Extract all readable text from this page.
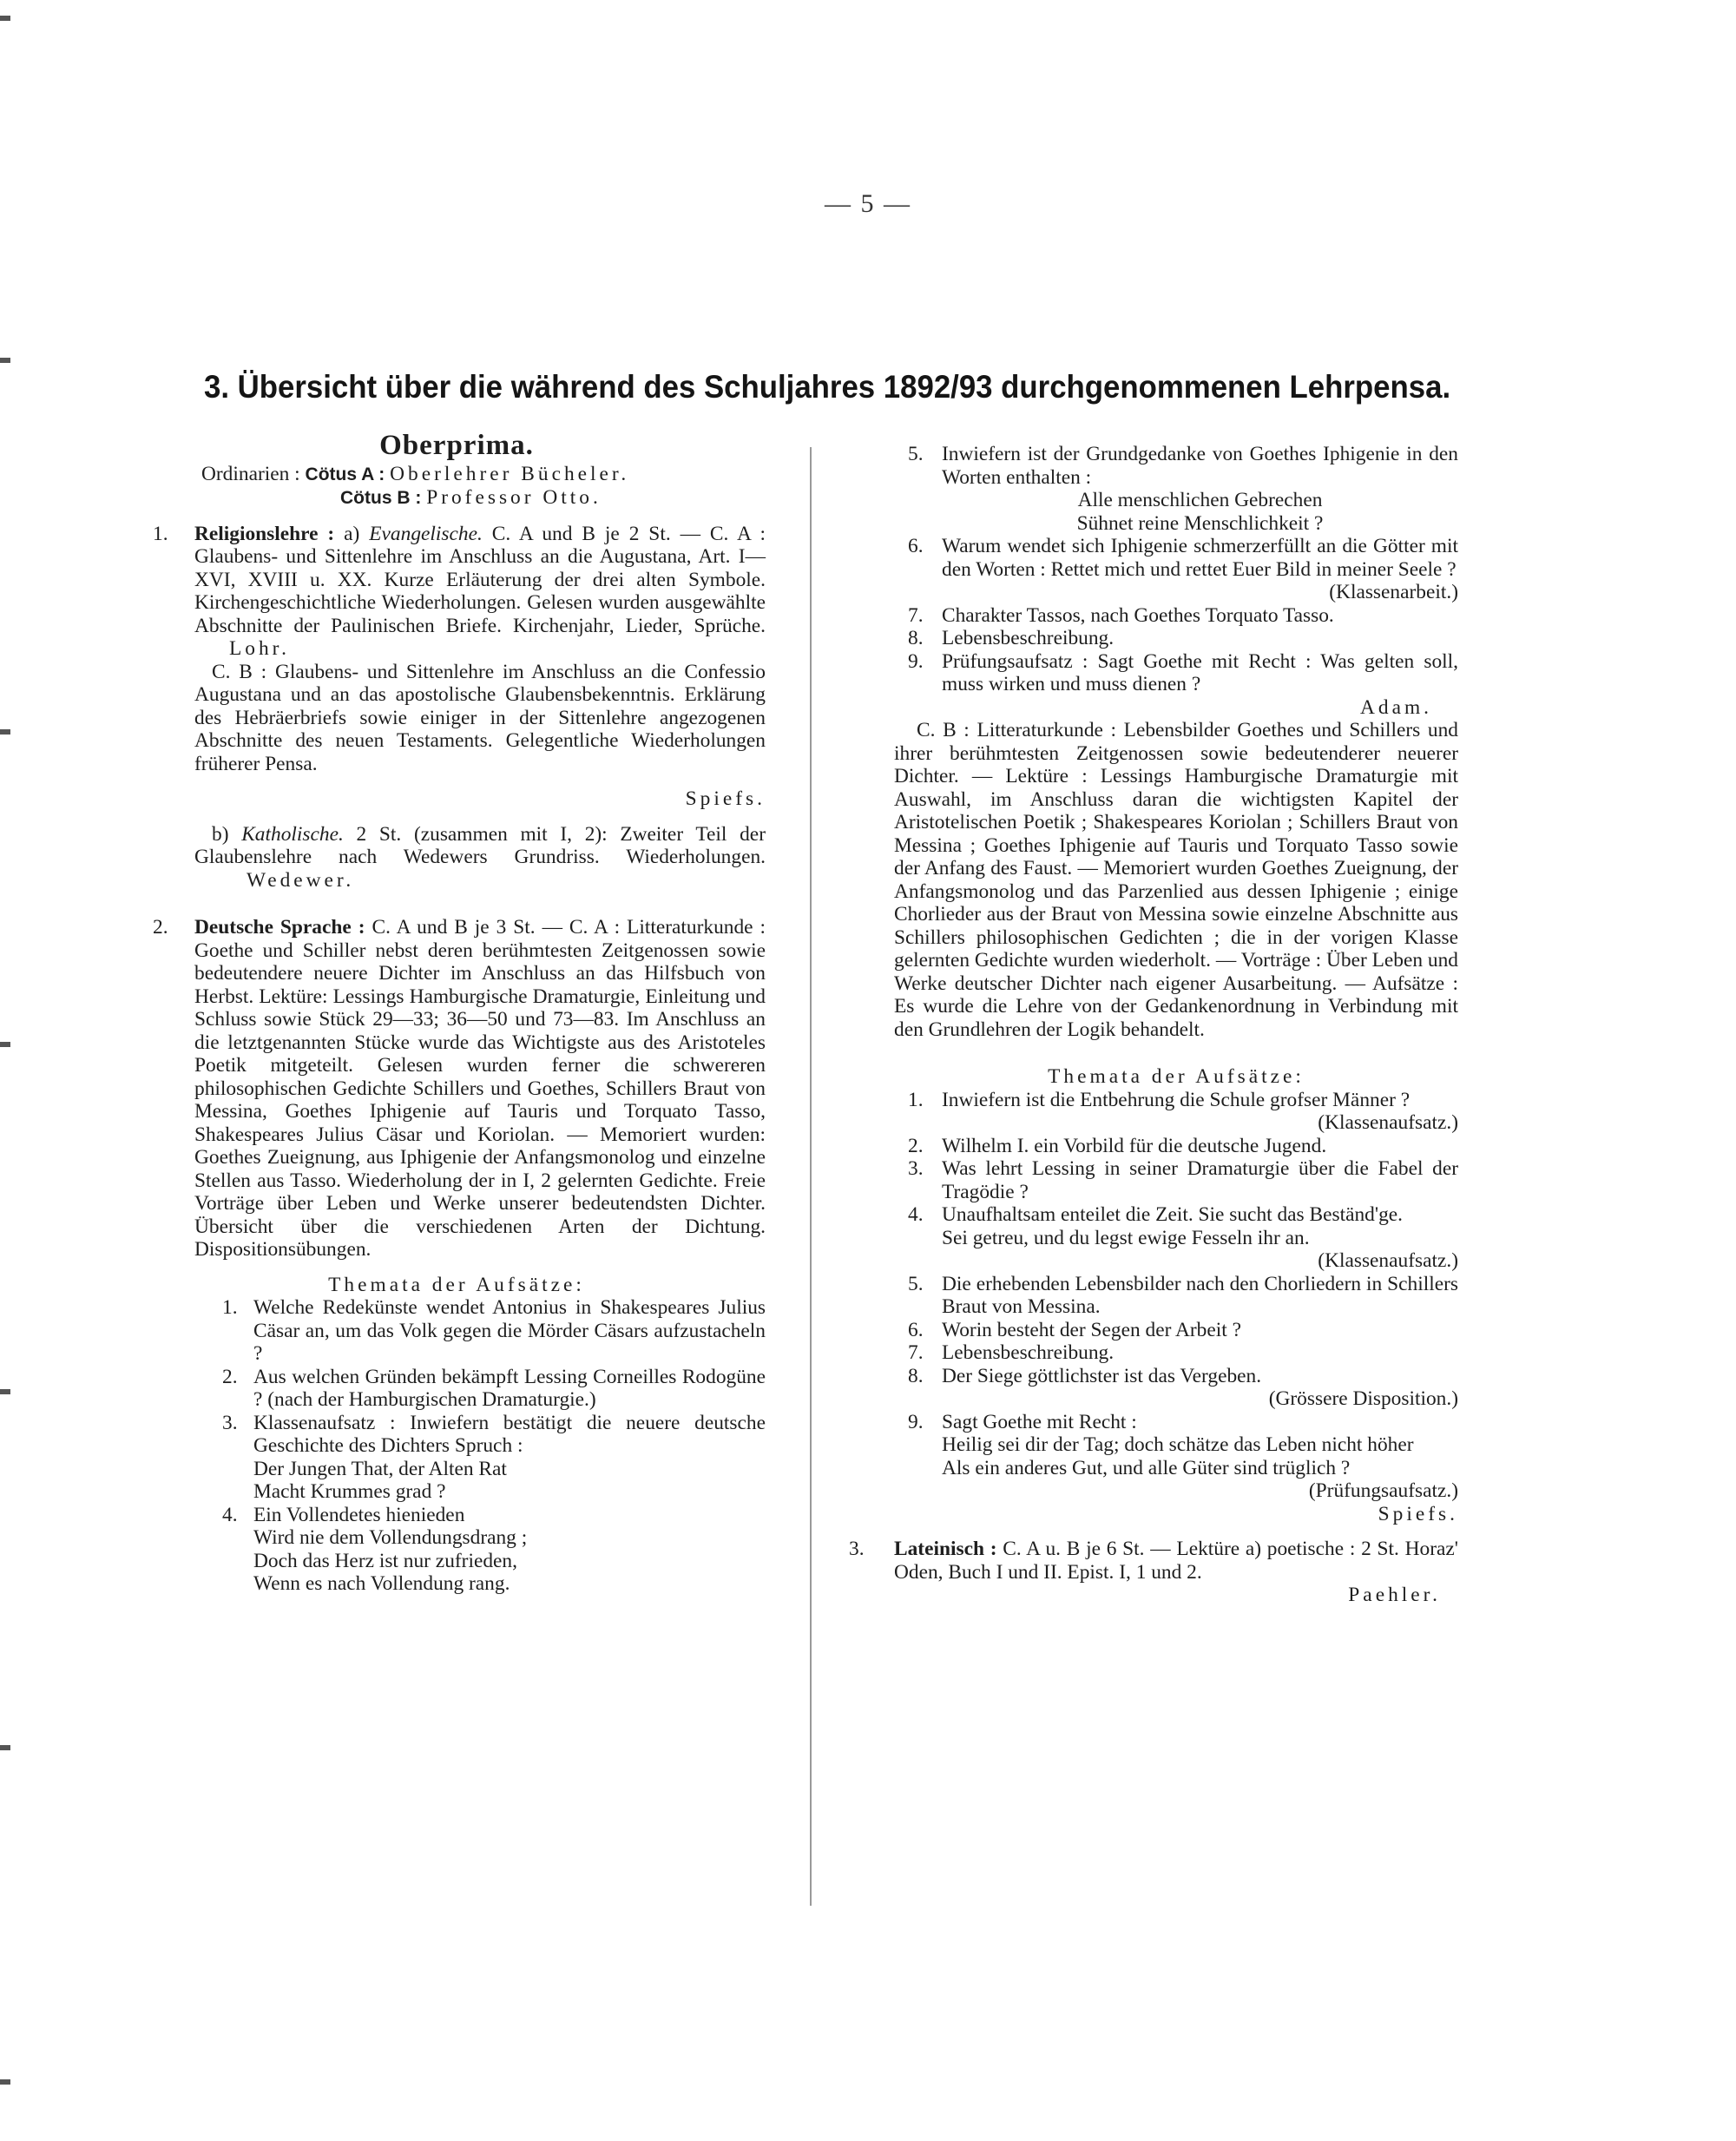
— 5 —
3. Übersicht über die während des Schuljahres 1892/93 durchgenommenen Lehrpensa.

Oberprima.

Ordinarien : Cötus A : Oberlehrer Bücheler.

Cötus B : Professor Otto.

1. Religionslehre : a) Evangelische. C. A und B je 2 St. — C. A : Glaubens- und Sittenlehre im Anschluss an die Augustana, Art. I—XVI, XVIII u. XX. Kurze Erläuterung der drei alten Symbole. Kirchengeschichtliche Wiederholungen. Gelesen wurden ausgewählte Abschnitte der Paulinischen Briefe. Kirchenjahr, Lieder, Sprüche. Lohr.

C. B : Glaubens- und Sittenlehre im Anschluss an die Confessio Augustana und an das apostolische Glaubensbekenntnis. Erklärung des Hebräerbriefs sowie einiger in der Sittenlehre angezogenen Abschnitte des neuen Testaments. Gelegentliche Wiederholungen früherer Pensa.

Spiefs.

b) Katholische. 2 St. (zusammen mit I, 2): Zweiter Teil der Glaubenslehre nach Wedewers Grundriss. Wiederholungen. Wedewer.
2. Deutsche Sprache : C. A und B je 3 St. — C. A : Litteraturkunde : Goethe und Schiller nebst deren berühmtesten Zeitgenossen sowie bedeutendere neuere Dichter im Anschluss an das Hilfsbuch von Herbst. Lektüre: Lessings Hamburgische Dramaturgie, Einleitung und Schluss sowie Stück 29—33; 36—50 und 73—83. Im Anschluss an die letztgenannten Stücke wurde das Wichtigste aus des Aristoteles Poetik mitgeteilt. Gelesen wurden ferner die schwereren philosophischen Gedichte Schillers und Goethes, Schillers Braut von Messina, Goethes Iphigenie auf Tauris und Torquato Tasso, Shakespeares Julius Cäsar und Koriolan. — Memoriert wurden: Goethes Zueignung, aus Iphigenie der Anfangsmonolog und einzelne Stellen aus Tasso. Wiederholung der in I, 2 gelernten Gedichte. Freie Vorträge über Leben und Werke unserer bedeutendsten Dichter. Übersicht über die verschiedenen Arten der Dichtung. Dispositionsübungen.

Themata der Aufsätze:

1. Welche Redekünste wendet Antonius in Shakespeares Julius Cäsar an, um das Volk gegen die Mörder Cäsars aufzustacheln ?

2. Aus welchen Gründen bekämpft Lessing Corneilles Rodogüne ? (nach der Hamburgischen Dramaturgie.)

3. Klassenaufsatz : Inwiefern bestätigt die neuere deutsche Geschichte des Dichters Spruch :

Der Jungen That, der Alten Rat

Macht Krummes grad ?

4. Ein Vollendetes hienieden

Wird nie dem Vollendungsdrang ;

Doch das Herz ist nur zufrieden,

Wenn es nach Vollendung rang.

5. Inwiefern ist der Grundgedanke von Goethes Iphigenie in den Worten enthalten :

Alle menschlichen Gebrechen

Sühnet reine Menschlichkeit ?

6. Warum wendet sich Iphigenie schmerzerfüllt an die Götter mit den Worten : Rettet mich und rettet Euer Bild in meiner Seele ?

(Klassenarbeit.)

7. Charakter Tassos, nach Goethes Torquato Tasso.

8. Lebensbeschreibung.

9. Prüfungsaufsatz : Sagt Goethe mit Recht : Was gelten soll, muss wirken und muss dienen ?

Adam.

C. B : Litteraturkunde : Lebensbilder Goethes und Schillers und ihrer berühmtesten Zeitgenossen sowie bedeutenderer neuerer Dichter. — Lektüre : Lessings Hamburgische Dramaturgie mit Auswahl, im Anschluss daran die wichtigsten Kapitel der Aristotelischen Poetik ; Shakespeares Koriolan ; Schillers Braut von Messina ; Goethes Iphigenie auf Tauris und Torquato Tasso sowie der Anfang des Faust. — Memoriert wurden Goethes Zueignung, der Anfangsmonolog und das Parzenlied aus dessen Iphigenie ; einige Chorlieder aus der Braut von Messina sowie einzelne Abschnitte aus Schillers philosophischen Gedichten ; die in der vorigen Klasse gelernten Gedichte wurden wiederholt. — Vorträge : Über Leben und Werke deutscher Dichter nach eigener Ausarbeitung. — Aufsätze : Es wurde die Lehre von der Gedankenordnung in Verbindung mit den Grundlehren der Logik behandelt.

Themata der Aufsätze:

1. Inwiefern ist die Entbehrung die Schule grofser Männer ?
(Klassenaufsatz.)

2. Wilhelm I. ein Vorbild für die deutsche Jugend.

3. Was lehrt Lessing in seiner Dramaturgie über die Fabel der Tragödie ?

4. Unaufhaltsam enteilet die Zeit. Sie sucht das Beständ'ge.

Sei getreu, und du legst ewige Fesseln ihr an.

(Klassenaufsatz.)

5. Die erhebenden Lebensbilder nach den Chorliedern in Schillers Braut von Messina.

6. Worin besteht der Segen der Arbeit ?

7. Lebensbeschreibung.

8. Der Siege göttlichster ist das Vergeben.

(Grössere Disposition.)

9. Sagt Goethe mit Recht :

Heilig sei dir der Tag; doch schätze das Leben nicht höher

Als ein anderes Gut, und alle Güter sind trüglich ?

(Prüfungsaufsatz.)

Spiefs.

3. Lateinisch : C. A u. B je 6 St. — Lektüre a) poetische : 2 St. Horaz' Oden, Buch I und II. Epist. I, 1 und 2.

Paehler.
